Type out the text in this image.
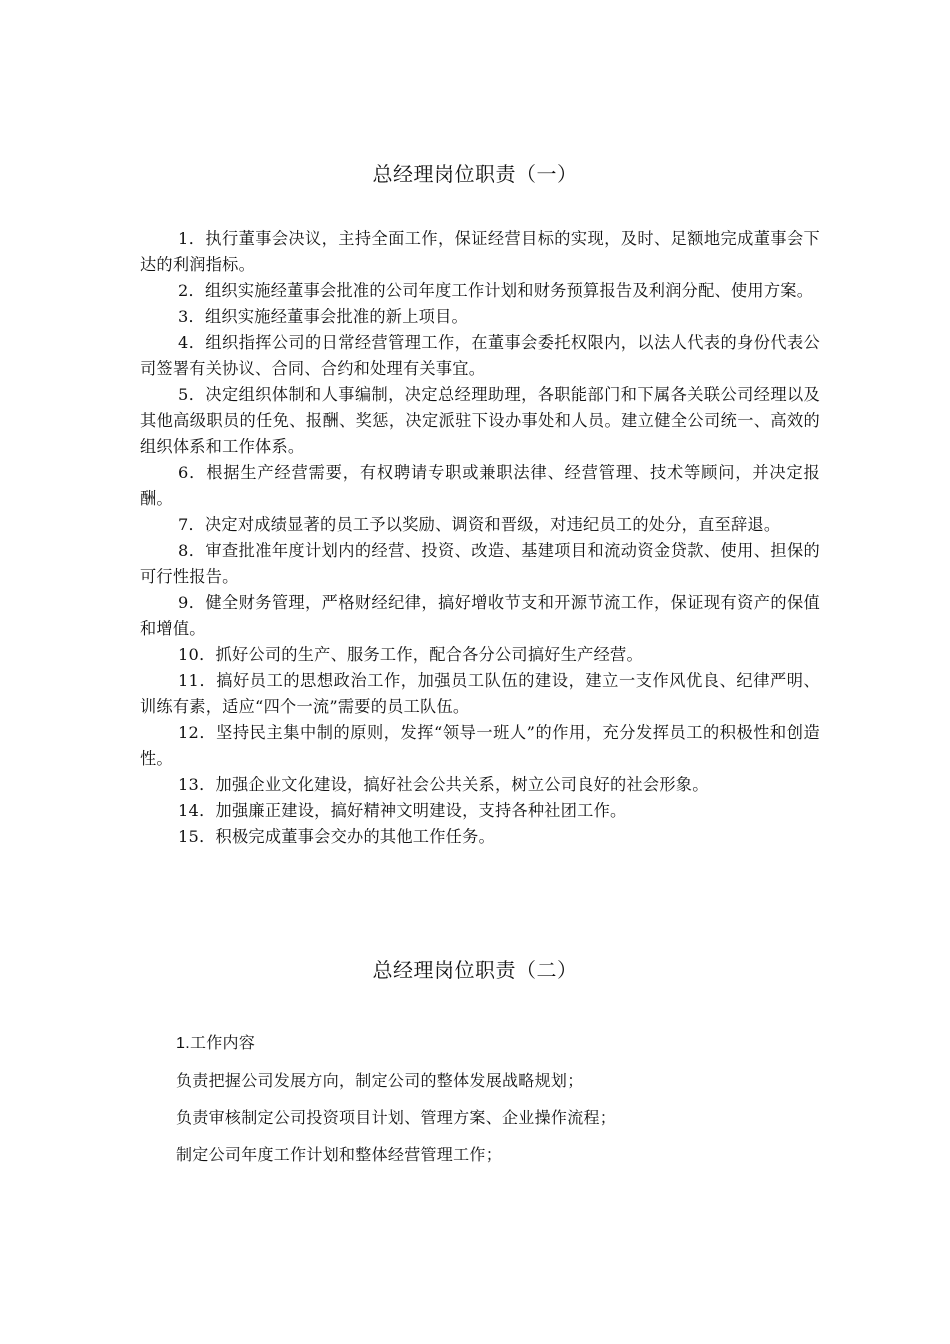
总经理岗位职责（一）

1．执行董事会决议，主持全面工作，保证经营目标的实现，及时、足额地完成董事会下达的利润指标。

2．组织实施经董事会批准的公司年度工作计划和财务预算报告及利润分配、使用方案。

3．组织实施经董事会批准的新上项目。

4．组织指挥公司的日常经营管理工作，在董事会委托权限内，以法人代表的身份代表公司签署有关协议、合同、合约和处理有关事宜。

5．决定组织体制和人事编制，决定总经理助理，各职能部门和下属各关联公司经理以及其他高级职员的任免、报酬、奖惩，决定派驻下设办事处和人员。建立健全公司统一、高效的组织体系和工作体系。

6．根据生产经营需要，有权聘请专职或兼职法律、经营管理、技术等顾问，并决定报酬。

7．决定对成绩显著的员工予以奖励、调资和晋级，对违纪员工的处分，直至辞退。

8．审查批准年度计划内的经营、投资、改造、基建项目和流动资金贷款、使用、担保的可行性报告。

9．健全财务管理，严格财经纪律，搞好增收节支和开源节流工作，保证现有资产的保值和增值。

10．抓好公司的生产、服务工作，配合各分公司搞好生产经营。

11．搞好员工的思想政治工作，加强员工队伍的建设，建立一支作风优良、纪律严明、训练有素，适应“四个一流”需要的员工队伍。

12．坚持民主集中制的原则，发挥“领导一班人”的作用，充分发挥员工的积极性和创造性。

13．加强企业文化建设，搞好社会公共关系，树立公司良好的社会形象。

14．加强廉正建设，搞好精神文明建设，支持各种社团工作。

15．积极完成董事会交办的其他工作任务。

总经理岗位职责（二）

1.工作内容

负责把握公司发展方向，制定公司的整体发展战略规划；

负责审核制定公司投资项目计划、管理方案、企业操作流程；

制定公司年度工作计划和整体经营管理工作；
